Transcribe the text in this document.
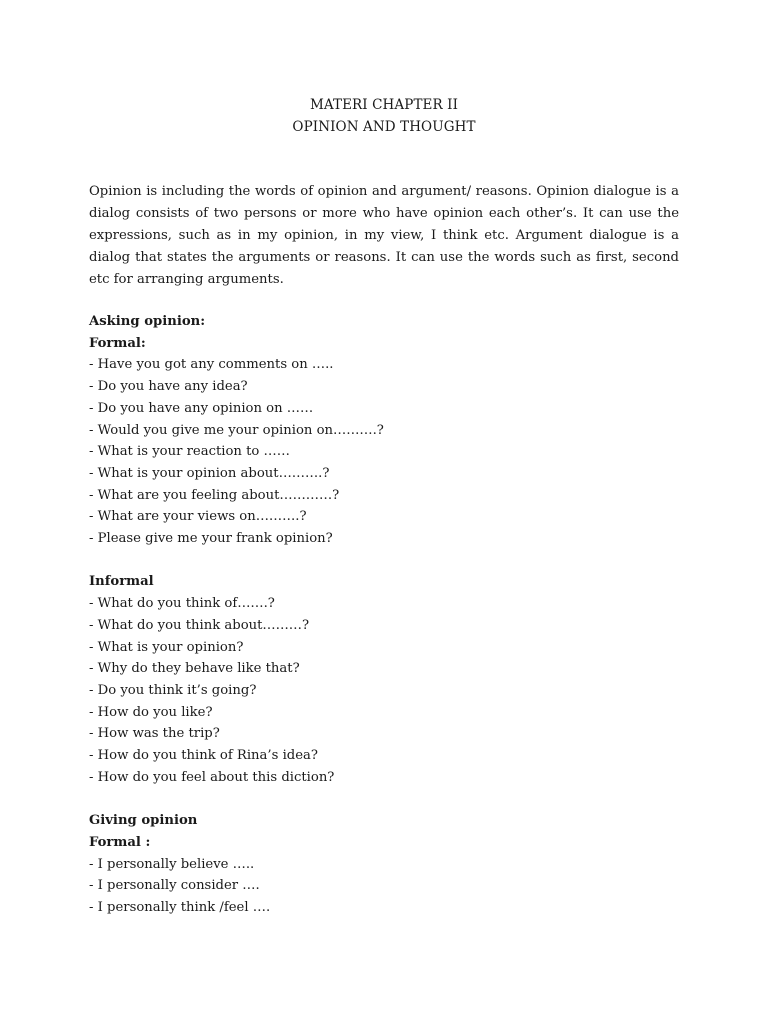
MATERI CHAPTER II
OPINION AND THOUGHT

Opinion is including the words of opinion and argument/ reasons. Opinion dialogue is a dialog consists of two persons or more who have opinion each other’s. It can use the expressions, such as in my opinion, in my view, I think etc. Argument dialogue is a dialog that states the arguments or reasons. It can use the words such as first, second etc for arranging arguments.

Asking opinion:
Formal:
- Have you got any comments on …..
- Do you have any idea?
- Do you have any opinion on ……
- Would you give me your opinion on……….?
- What is your reaction to ……
- What is your opinion about……….?
- What are you feeling about…………?
- What are your views on……….?
- Please give me your frank opinion?
Informal
- What do you think of…….?
- What do you think about………?
- What is your opinion?
- Why do they behave like that?
- Do you think it’s going?
- How do you like?
- How was the trip?
- How do you think of Rina’s idea?
- How do you feel about this diction?
Giving opinion
Formal :
- I personally believe …..
- I personally consider ….
- I personally think /feel ….
